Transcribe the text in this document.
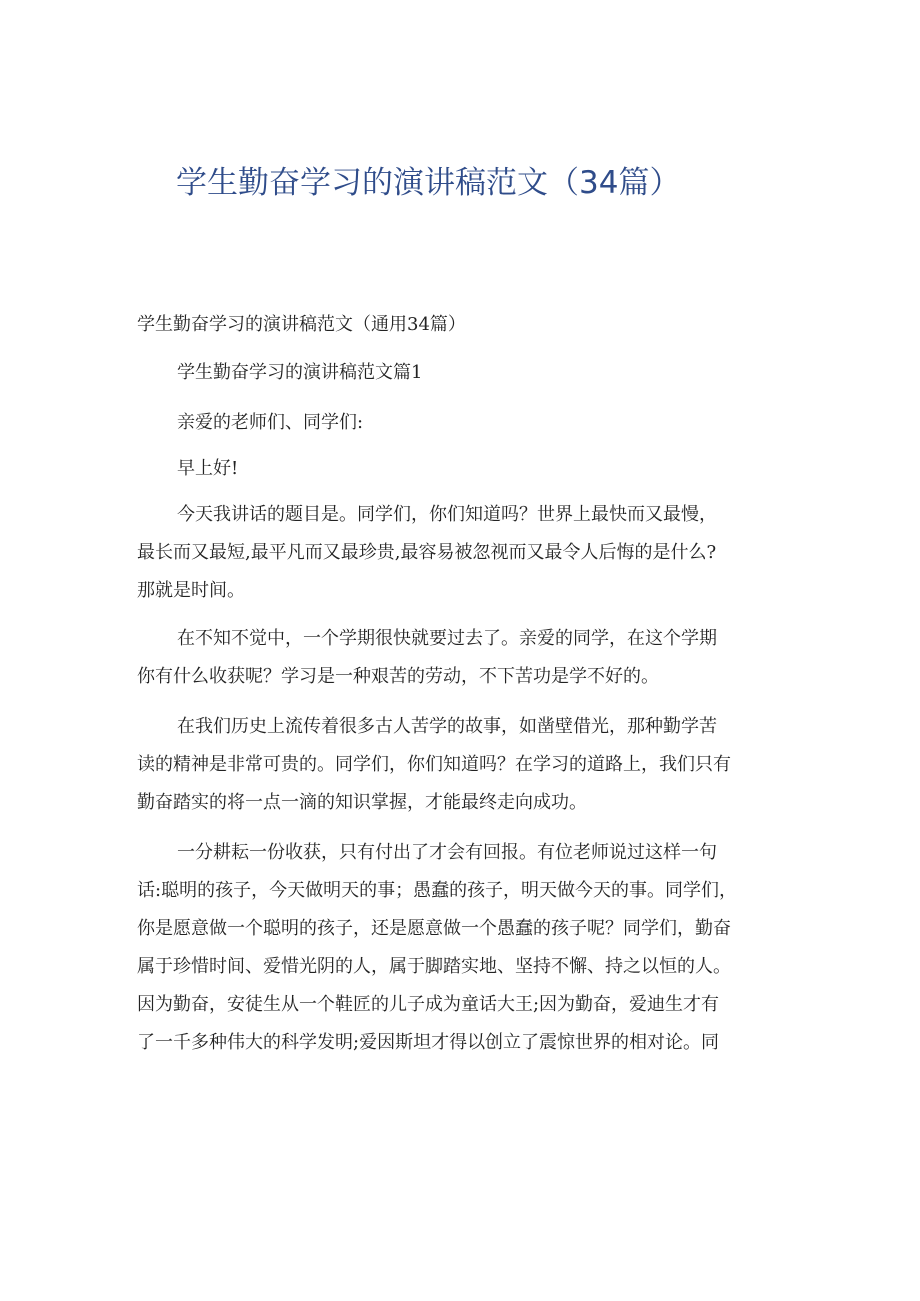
学生勤奋学习的演讲稿范文（34篇）

学生勤奋学习的演讲稿范文（通用34篇）

学生勤奋学习的演讲稿范文篇1

亲爱的老师们、同学们:

早上好!

今天我讲话的题目是。同学们，你们知道吗？世界上最快而又最慢，

最长而又最短,最平凡而又最珍贵,最容易被忽视而又最令人后悔的是什么?

那就是时间。

在不知不觉中，一个学期很快就要过去了。亲爱的同学，在这个学期

你有什么收获呢？学习是一种艰苦的劳动，不下苦功是学不好的。

在我们历史上流传着很多古人苦学的故事，如凿壁借光，那种勤学苦

读的精神是非常可贵的。同学们，你们知道吗？在学习的道路上，我们只有

勤奋踏实的将一点一滴的知识掌握，才能最终走向成功。

一分耕耘一份收获，只有付出了才会有回报。有位老师说过这样一句

话:聪明的孩子，今天做明天的事；愚蠢的孩子，明天做今天的事。同学们，

你是愿意做一个聪明的孩子，还是愿意做一个愚蠢的孩子呢？同学们，勤奋

属于珍惜时间、爱惜光阴的人，属于脚踏实地、坚持不懈、持之以恒的人。

因为勤奋，安徒生从一个鞋匠的儿子成为童话大王;因为勤奋，爱迪生才有

了一千多种伟大的科学发明;爱因斯坦才得以创立了震惊世界的相对论。同
